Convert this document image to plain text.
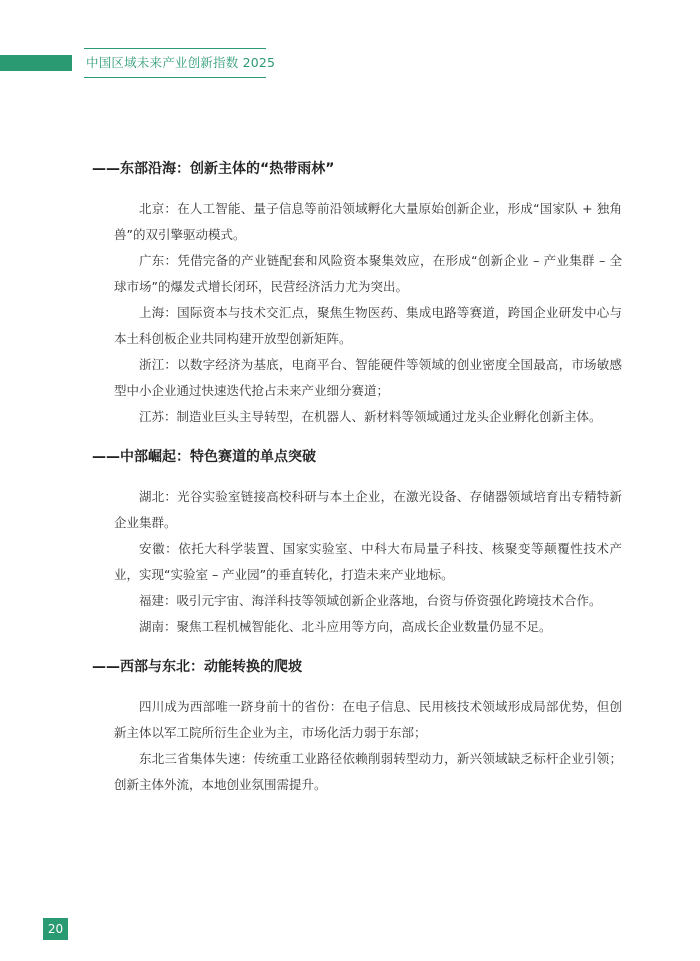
中国区域未来产业创新指数 2025
——东部沿海：创新主体的“热带雨林”

北京：在人工智能、量子信息等前沿领域孵化大量原始创新企业，形成“国家队 + 独角兽”的双引擎驱动模式。

广东：凭借完备的产业链配套和风险资本聚集效应，在形成“创新企业 – 产业集群 – 全球市场”的爆发式增长闭环，民营经济活力尤为突出。

上海：国际资本与技术交汇点，聚焦生物医药、集成电路等赛道，跨国企业研发中心与本土科创板企业共同构建开放型创新矩阵。

浙江：以数字经济为基底，电商平台、智能硬件等领域的创业密度全国最高，市场敏感型中小企业通过快速迭代抢占未来产业细分赛道；

江苏：制造业巨头主导转型，在机器人、新材料等领域通过龙头企业孵化创新主体。

——中部崛起：特色赛道的单点突破

湖北：光谷实验室链接高校科研与本土企业，在激光设备、存储器领域培育出专精特新企业集群。

安徽：依托大科学装置、国家实验室、中科大布局量子科技、核聚变等颠覆性技术产业，实现“实验室 – 产业园”的垂直转化，打造未来产业地标。

福建：吸引元宇宙、海洋科技等领域创新企业落地，台资与侨资强化跨境技术合作。

湖南：聚焦工程机械智能化、北斗应用等方向，高成长企业数量仍显不足。

——西部与东北：动能转换的爬坡

四川成为西部唯一跻身前十的省份：在电子信息、民用核技术领域形成局部优势，但创新主体以军工院所衍生企业为主，市场化活力弱于东部；

东北三省集体失速：传统重工业路径依赖削弱转型动力，新兴领域缺乏标杆企业引领；创新主体外流，本地创业氛围需提升。

20
